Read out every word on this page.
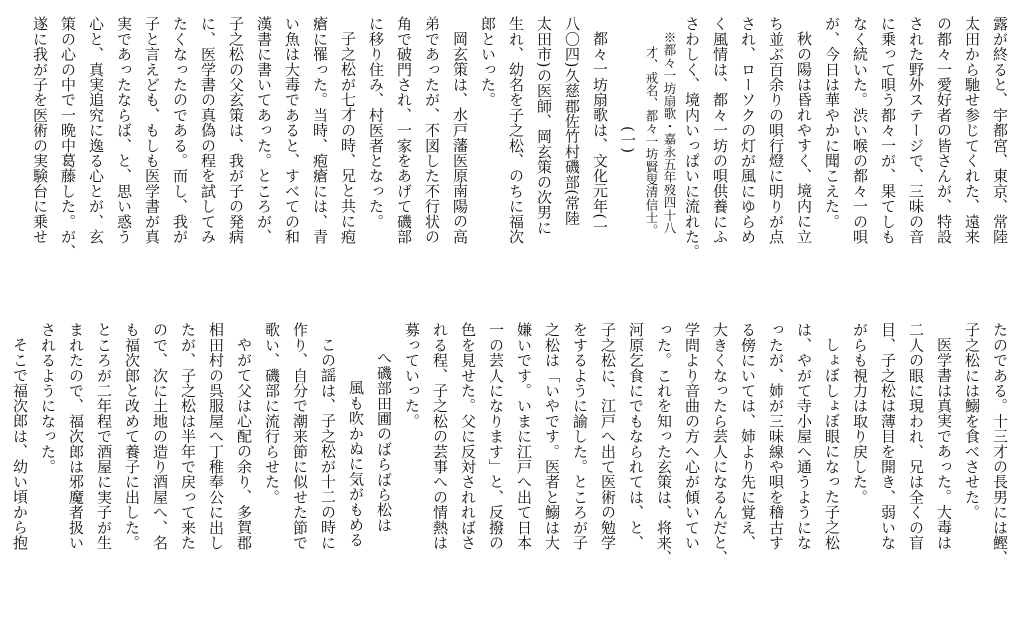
露が終ると、宇都宮、東京、常陸
太田から馳せ参じてくれた、遠来
の都々一愛好者の皆さんが、特設
された野外ステージで、三味の音
に乗って唄う都々一が、果てしも
なく続いた。渋い喉の都々一の唄
が、今日は華やかに聞こえた。
秋の陽は昏れやすく、境内に立
ち並ぶ百余りの唄行燈に明りが点
され、ローソクの灯が風にゆらめ
く風情は、都々一坊の唄供養にふ
さわしく、境内いっぱいに流れた。
※都々一坊扇歌・嘉永五年歿四十八
才、戒名、都々一坊賢叟清信士。
(一)
都々一坊扇歌は、文化元年(一
八〇四)久慈郡佐竹村磯部(常陸
太田市)の医師、岡玄策の次男に
生れ、幼名を子之松、のちに福次
郎といった。
岡玄策は、水戸藩医原南陽の高
弟であったが、不図した不行状の
角で破門され、一家をあげて磯部
に移り住み、村医者となった。
子之松が七才の時、兄と共に疱
瘡に罹った。当時、疱瘡には、青
い魚は大毒であると、すべての和
漢書に書いてあった。ところが、
子之松の父玄策は、我が子の発病
に、医学書の真偽の程を試してみ
たくなったのである。而し、我が
子と言えども、もしも医学書が真
実であったならば、と、思い惑う
心と、真実追究に逸る心とが、玄
策の心の中で一晩中葛藤した。が、
遂に我が子を医術の実験台に乗せ
たのである。十三才の長男には鰹、
子之松には鰯を食べさせた。
医学書は真実であった。大毒は
二人の眼に現われ、兄は全くの盲
目、子之松は薄目を開き、弱いな
がらも視力は取り戻した。
しょぼしょぼ眼になった子之松
は、やがて寺小屋へ通うようにな
ったが、姉が三味線や唄を稽古す
る傍にいては、姉より先に覚え、
大きくなったら芸人になるんだと、
学問より音曲の方へ心が傾いてい
った。これを知った玄策は、将来、
河原乞食にでもなられては、と、
子之松に、江戸へ出て医術の勉学
をするように諭した。ところが子
之松は「いやです。医者と鰯は大
嫌いです。いまに江戸へ出て日本
一の芸人になります」と、反撥の
色を見せた。父に反対されればさ
れる程、子之松の芸事への情熱は
募っていった。
へ磯部田圃のばらばら松は
風も吹かぬに気がもめる
この謡は、子之松が十二の時に
作り、自分で潮来節に似せた節で
歌い、磯部に流行らせた。
やがて父は心配の余り、多賀郡
相田村の呉服屋へ丁稚奉公に出し
たが、子之松は半年で戻って来た
ので、次に土地の造り酒屋へ、名
も福次郎と改めて養子に出した。
ところが二年程で酒屋に実子が生
まれたので、福次郎は邪魔者扱い
されるようになった。
そこで福次郎は、幼い頃から抱
